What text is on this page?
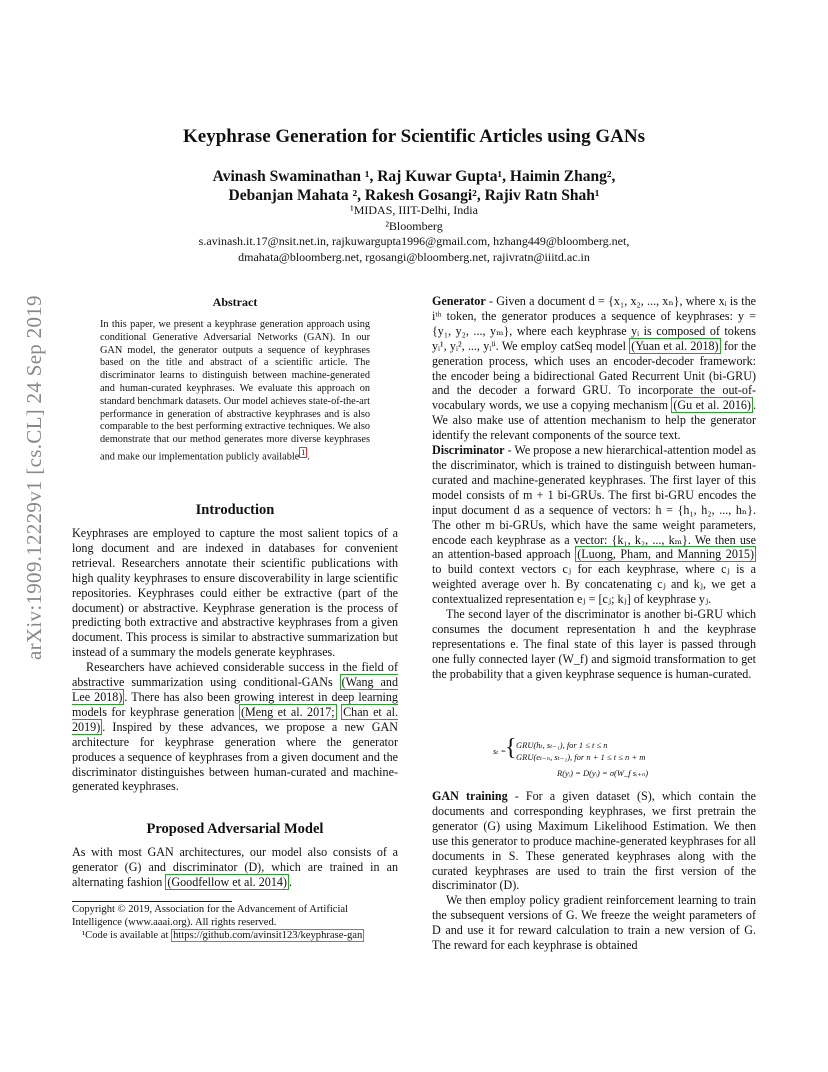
arXiv:1909.12229v1 [cs.CL] 24 Sep 2019
Keyphrase Generation for Scientific Articles using GANs
Avinash Swaminathan ¹, Raj Kuwar Gupta¹, Haimin Zhang²,
Debanjan Mahata ², Rakesh Gosangi², Rajiv Ratn Shah¹
¹MIDAS, IIIT-Delhi, India
²Bloomberg
s.avinash.it.17@nsit.net.in, rajkuwargupta1996@gmail.com, hzhang449@bloomberg.net,
dmahata@bloomberg.net, rgosangi@bloomberg.net, rajivratn@iiitd.ac.in
Abstract
In this paper, we present a keyphrase generation approach using conditional Generative Adversarial Networks (GAN). In our GAN model, the generator outputs a sequence of keyphrases based on the title and abstract of a scientific article. The discriminator learns to distinguish between machine-generated and human-curated keyphrases. We evaluate this approach on standard benchmark datasets. Our model achieves state-of-the-art performance in generation of abstractive keyphrases and is also comparable to the best performing extractive techniques. We also demonstrate that our method generates more diverse keyphrases and make our implementation publicly available $^1$ .
Introduction

Keyphrases are employed to capture the most salient topics of a long document and are indexed in databases for convenient retrieval. Researchers annotate their scientific publications with high quality keyphrases to ensure discoverability in large scientific repositories. Keyphrases could either be extractive (part of the document) or abstractive. Keyphrase generation is the process of predicting both extractive and abstractive keyphrases from a given document. This process is similar to abstractive summarization but instead of a summary the models generate keyphrases.

Researchers have achieved considerable success in the field of abstractive summarization using conditional-GANs (Wang and Lee 2018) . There has also been growing interest in deep learning models for keyphrase generation (Meng et al. 2017; Chan et al. 2019) . Inspired by these advances, we propose a new GAN architecture for keyphrase generation where the generator produces a sequence of keyphrases from a given document and the discriminator distinguishes between human-curated and machine-generated keyphrases.

Proposed Adversarial Model

As with most GAN architectures, our model also consists of a generator (G) and discriminator (D), which are trained in an alternating fashion (Goodfellow et al. 2014) .

Copyright © 2019, Association for the Advancement of Artificial Intelligence (www.aaai.org). All rights reserved.

¹Code is available at https://github.com/avinsit123/keyphrase-gan

Generator - Given a document d = {x₁, x₂, ..., xₙ}, where xᵢ is the iᵗʰ token, the generator produces a sequence of keyphrases: y = {y₁, y₂, ..., yₘ}, where each keyphrase yᵢ is composed of tokens yᵢ¹, yᵢ², ..., yᵢˡⁱ. We employ catSeq model (Yuan et al. 2018) for the generation process, which uses an encoder-decoder framework: the encoder being a bidirectional Gated Recurrent Unit (bi-GRU) and the decoder a forward GRU. To incorporate the out-of-vocabulary words, we use a copying mechanism (Gu et al. 2016) . We also make use of attention mechanism to help the generator identify the relevant components of the source text.

Discriminator - We propose a new hierarchical-attention model as the discriminator, which is trained to distinguish between human-curated and machine-generated keyphrases. The first layer of this model consists of m + 1 bi-GRUs. The first bi-GRU encodes the input document d as a sequence of vectors: h = {h₁, h₂, ..., hₙ}. The other m bi-GRUs, which have the same weight parameters, encode each keyphrase as a vector: {k₁, k₂, ..., kₘ}. We then use an attention-based approach (Luong, Pham, and Manning 2015) to build context vectors cⱼ for each keyphrase, where cⱼ is a weighted average over h. By concatenating cⱼ and kⱼ, we get a contextualized representation eⱼ = [cⱼ; kⱼ] of keyphrase yⱼ.

The second layer of the discriminator is another bi-GRU which consumes the document representation h and the keyphrase representations e. The final state of this layer is passed through one fully connected layer (W_f) and sigmoid transformation to get the probability that a given keyphrase sequence is human-curated.

sₜ =
{ GRU(hₜ, sₜ₋₁), for 1 ≤ t ≤ n
GRU(eₜ₋ₙ, sₜ₋₁), for n + 1 ≤ t ≤ n + m
R(yᵢ) = D(yᵢ) = σ(W_f sᵢ₊ₙ)

GAN training - For a given dataset (S), which contain the documents and corresponding keyphrases, we first pretrain the generator (G) using Maximum Likelihood Estimation. We then use this generator to produce machine-generated keyphrases for all documents in S. These generated keyphrases along with the curated keyphrases are used to train the first version of the discriminator (D).

We then employ policy gradient reinforcement learning to train the subsequent versions of G. We freeze the weight parameters of D and use it for reward calculation to train a new version of G. The reward for each keyphrase is obtained
